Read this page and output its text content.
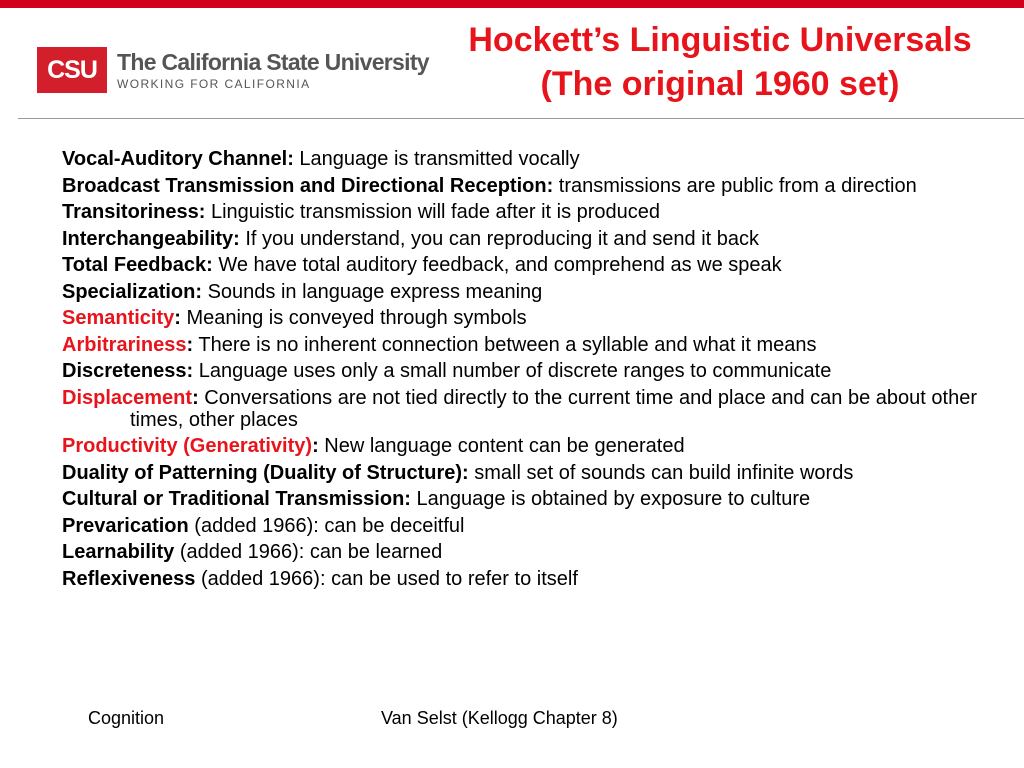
CSU The California State University
WORKING FOR CALIFORNIA
Hockett’s Linguistic Universals
(The original 1960 set)
Vocal-Auditory Channel: Language is transmitted vocally
Broadcast Transmission and Directional Reception: transmissions are public from a direction
Transitoriness: Linguistic transmission will fade after it is produced
Interchangeability: If you understand, you can reproducing it and send it back
Total Feedback: We have total auditory feedback, and comprehend as we speak
Specialization: Sounds in language express meaning
Semanticity: Meaning is conveyed through symbols
Arbitrariness: There is no inherent connection between a syllable and what it means
Discreteness: Language uses only a small number of discrete ranges to communicate
Displacement: Conversations are not tied directly to the current time and place and can be about other times, other places
Productivity (Generativity): New language content can be generated
Duality of Patterning (Duality of Structure): small set of sounds can build infinite words
Cultural or Traditional Transmission: Language is obtained by exposure to culture
Prevarication (added 1966): can be deceitful
Learnability (added 1966): can be learned
Reflexiveness (added 1966): can be used to refer to itself
Cognition	Van Selst (Kellogg Chapter 8)
